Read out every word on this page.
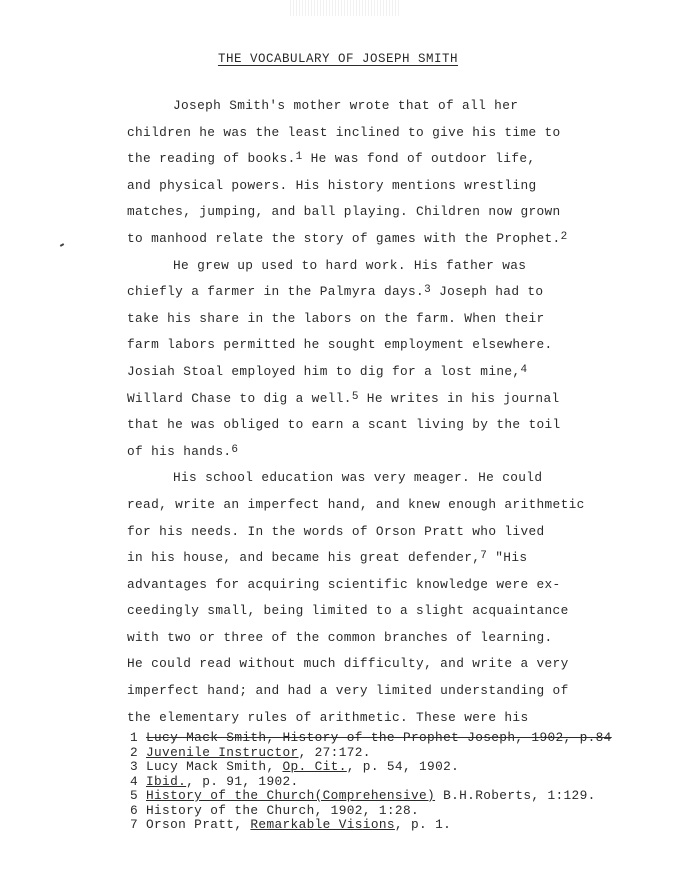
THE VOCABULARY OF JOSEPH SMITH
Joseph Smith's mother wrote that of all her
children he was the least inclined to give his time to
the reading of books.$^1$ He was fond of outdoor life,
and physical powers. His history mentions wrestling
matches, jumping, and ball playing. Children now grown
to manhood relate the story of games with the Prophet.$^2$
He grew up used to hard work. His father was
chiefly a farmer in the Palmyra days.$^3$ Joseph had to
take his share in the labors on the farm. When their
farm labors permitted he sought employment elsewhere.
Josiah Stoal employed him to dig for a lost mine,$^4$
Willard Chase to dig a well.$^5$ He writes in his journal
that he was obliged to earn a scant living by the toil
of his hands.$^6$
His school education was very meager. He could
read, write an imperfect hand, and knew enough arithmetic
for his needs. In the words of Orson Pratt who lived
in his house, and became his great defender,$^7$ "His
advantages for acquiring scientific knowledge were ex-
ceedingly small, being limited to a slight acquaintance
with two or three of the common branches of learning.
He could read without much difficulty, and write a very
imperfect hand; and had a very limited understanding of
the elementary rules of arithmetic. These were his
1 Lucy Mack Smith, History of the Prophet Joseph, 1902, p.84
2 Juvenile Instructor, 27:172.
3 Lucy Mack Smith, Op. Cit., p. 54, 1902.
4 Ibid., p. 91, 1902.
5 History of the Church(Comprehensive) B.H.Roberts, 1:129.
6 History of the Church, 1902, 1:28.
7 Orson Pratt, Remarkable Visions, p. 1.
